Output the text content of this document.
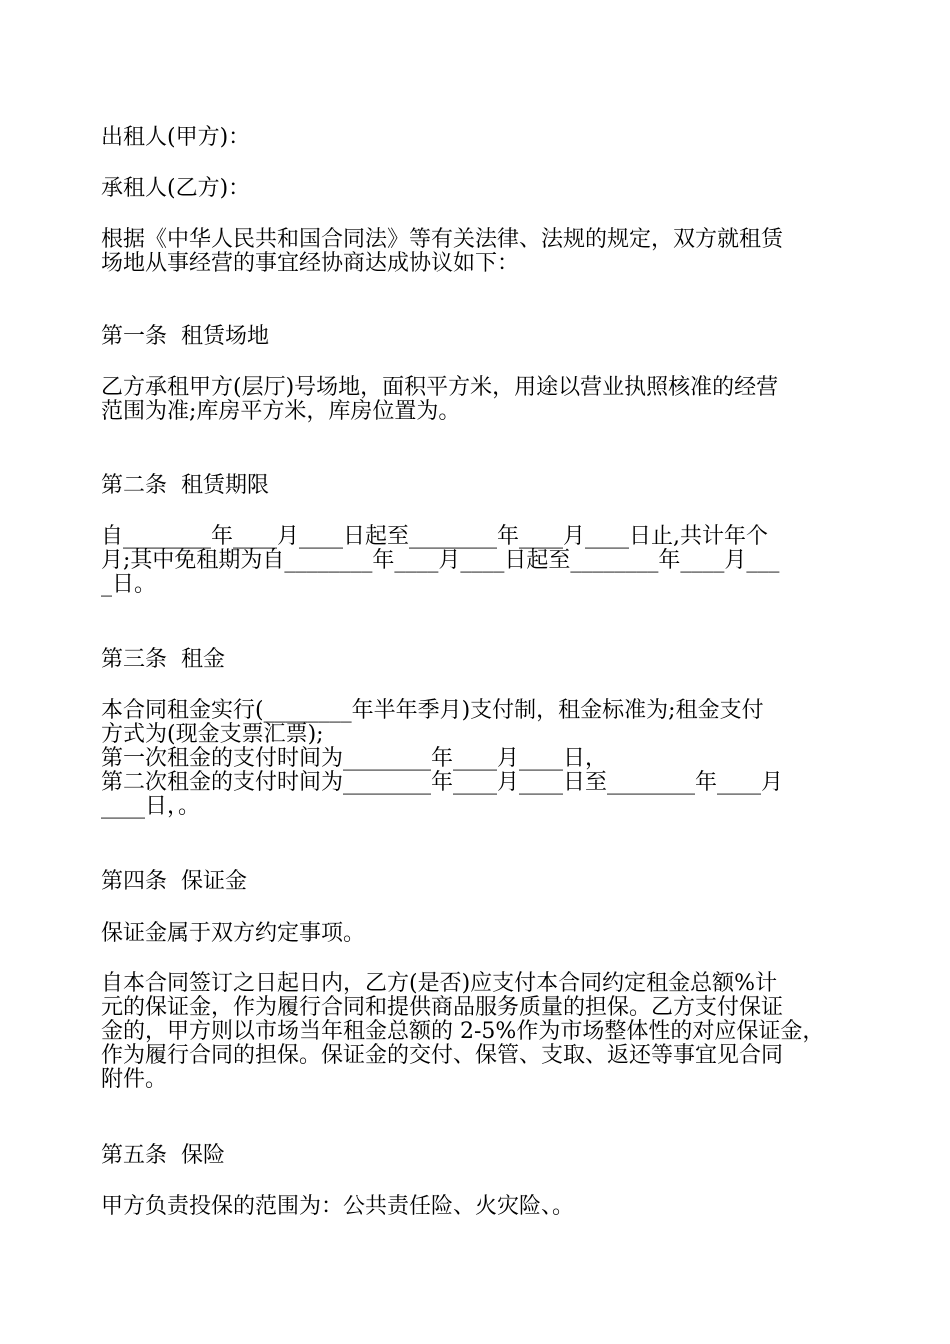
出租人(甲方)：

承租人(乙方)：

根据《中华人民共和国合同法》等有关法律、法规的规定，双方就租赁

场地从事经营的事宜经协商达成协议如下：

第一条  租赁场地

乙方承租甲方(层厅)号场地，面积平方米，用途以营业执照核准的经营

范围为准;库房平方米，库房位置为。

第二条  租赁期限

自________年____月____日起至________年____月____日止,共计年个

月;其中免租期为自________年____月____日起至________年____月___

_日。

第三条  租金

本合同租金实行(________年半年季月)支付制，租金标准为;租金支付

方式为(现金支票汇票);

第一次租金的支付时间为________年____月____日，

第二次租金的支付时间为________年____月____日至________年____月

____日，。

第四条  保证金

保证金属于双方约定事项。

自本合同签订之日起日内，乙方(是否)应支付本合同约定租金总额%计

元的保证金，作为履行合同和提供商品服务质量的担保。乙方支付保证

金的，甲方则以市场当年租金总额的 2-5%作为市场整体性的对应保证金，

作为履行合同的担保。保证金的交付、保管、支取、返还等事宜见合同

附件。

第五条  保险

甲方负责投保的范围为：公共责任险、火灾险、。
